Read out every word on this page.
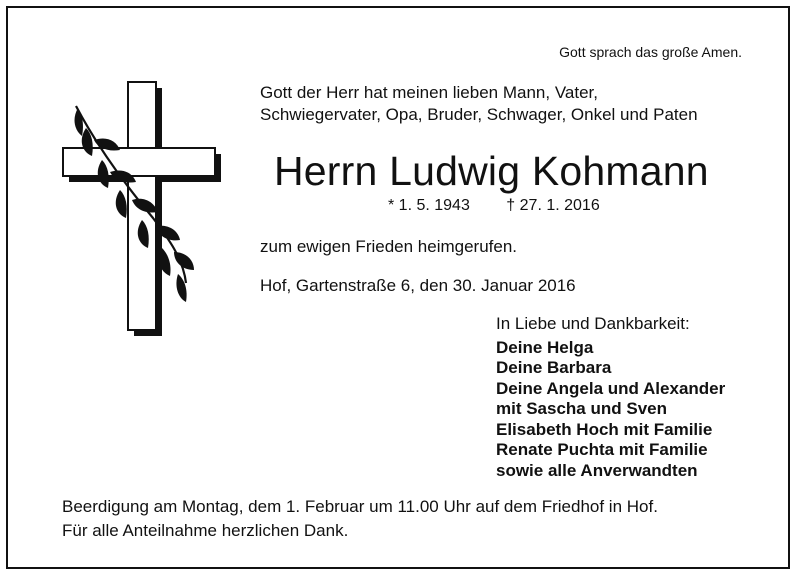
Gott sprach das große Amen.

Gott der Herr hat meinen lieben Mann, Vater,
Schwiegervater, Opa, Bruder, Schwager, Onkel und Paten
Herrn Ludwig Kohmann
* 1. 5. 1943 † 27. 1. 2016

zum ewigen Frieden heimgerufen.

Hof, Gartenstraße 6, den 30. Januar 2016

In Liebe und Dankbarkeit:
Deine Helga
Deine Barbara
Deine Angela und Alexander
mit Sascha und Sven
Elisabeth Hoch mit Familie
Renate Puchta mit Familie
sowie alle Anverwandten
Beerdigung am Montag, dem 1. Februar um 11.00 Uhr auf dem Friedhof in Hof.
Für alle Anteilnahme herzlichen Dank.
